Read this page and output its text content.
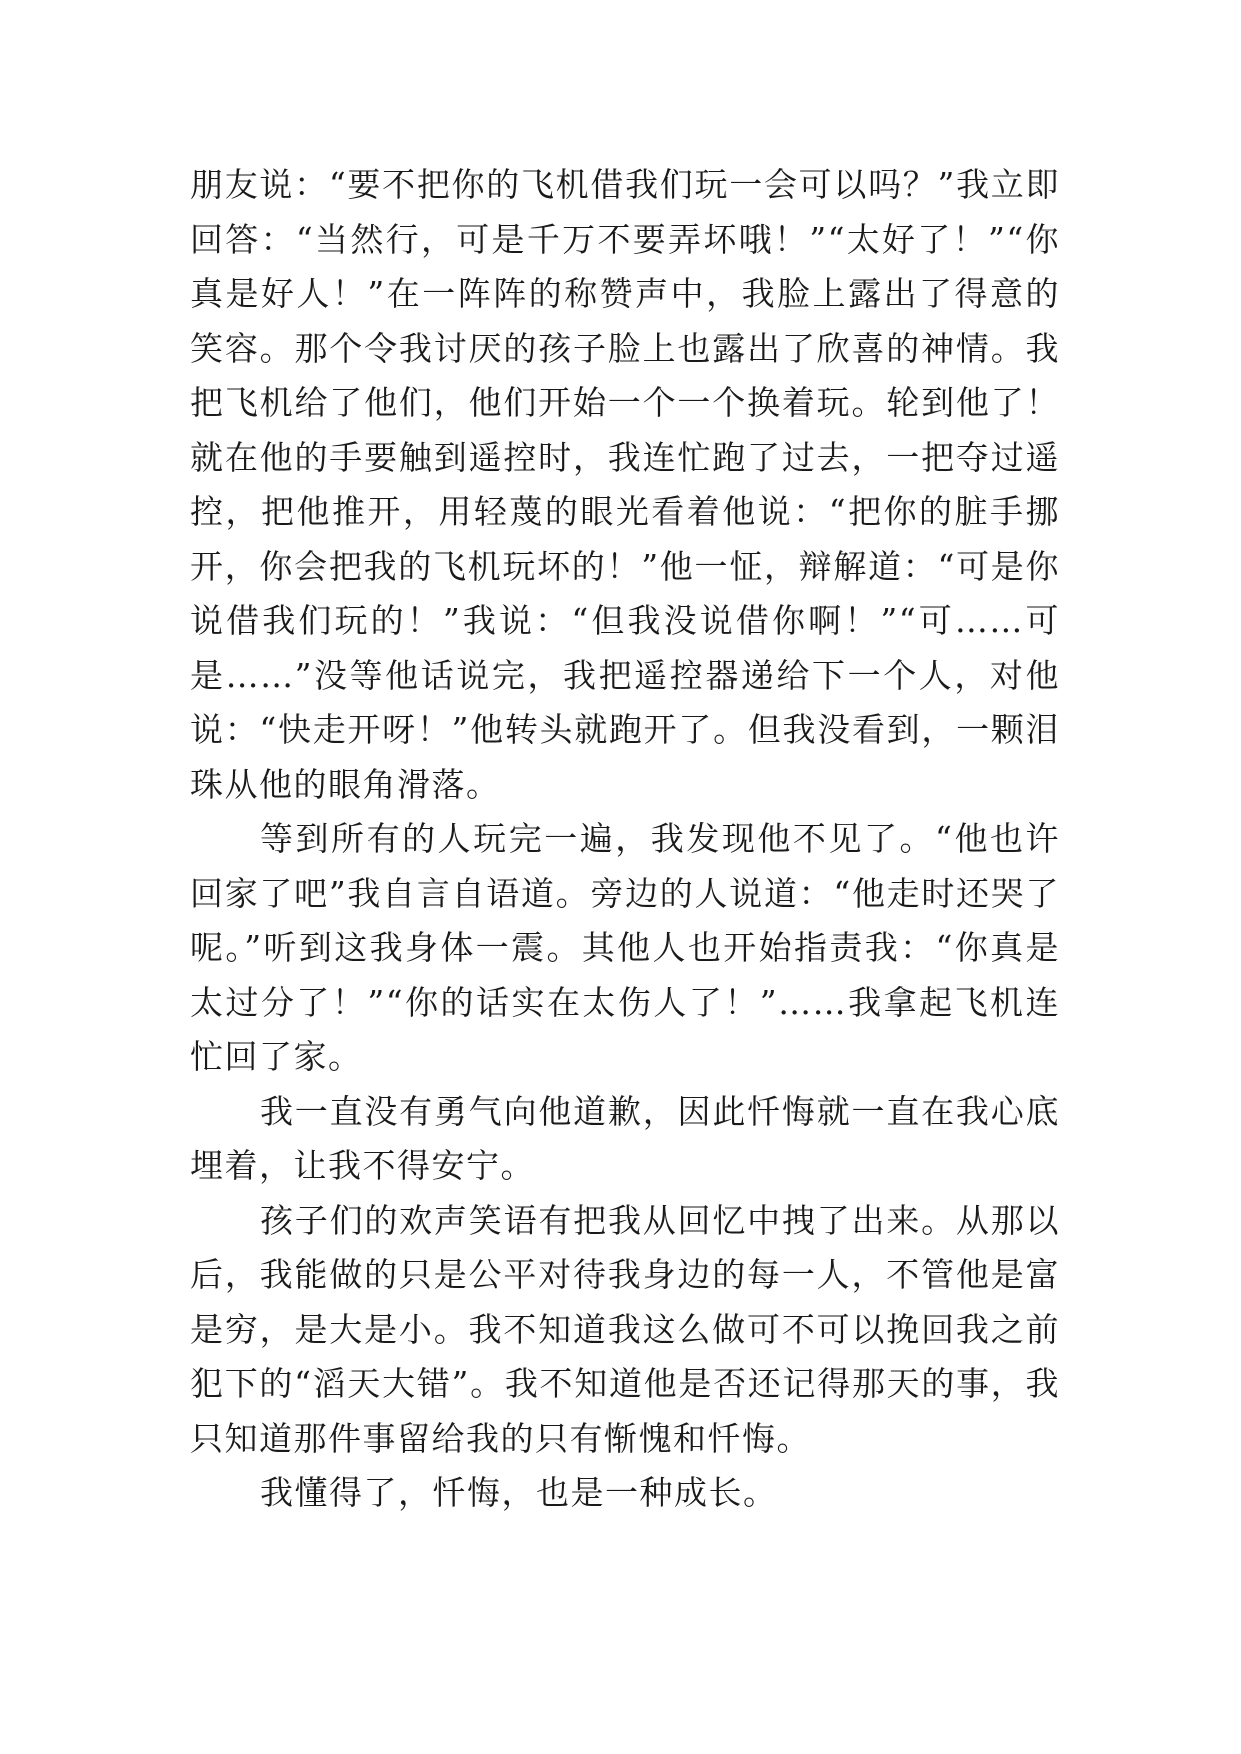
朋友说：“要不把你的飞机借我们玩一会可以吗？”我立即回答：“当然行，可是千万不要弄坏哦！”“太好了！”“你真是好人！”在一阵阵的称赞声中，我脸上露出了得意的笑容。那个令我讨厌的孩子脸上也露出了欣喜的神情。我把飞机给了他们，他们开始一个一个换着玩。轮到他了！就在他的手要触到遥控时，我连忙跑了过去，一把夺过遥控，把他推开，用轻蔑的眼光看着他说：“把你的脏手挪开，你会把我的飞机玩坏的！”他一怔，辩解道：“可是你说借我们玩的！”我说：“但我没说借你啊！”“可……可是……”没等他话说完，我把遥控器递给下一个人，对他说：“快走开呀！”他转头就跑开了。但我没看到，一颗泪珠从他的眼角滑落。

等到所有的人玩完一遍，我发现他不见了。“他也许回家了吧”我自言自语道。旁边的人说道：“他走时还哭了呢。”听到这我身体一震。其他人也开始指责我：“你真是太过分了！”“你的话实在太伤人了！”……我拿起飞机连忙回了家。

我一直没有勇气向他道歉，因此忏悔就一直在我心底埋着，让我不得安宁。

孩子们的欢声笑语有把我从回忆中拽了出来。从那以后，我能做的只是公平对待我身边的每一人，不管他是富是穷，是大是小。我不知道我这么做可不可以挽回我之前犯下的“滔天大错”。我不知道他是否还记得那天的事，我只知道那件事留给我的只有惭愧和忏悔。

我懂得了，忏悔，也是一种成长。
